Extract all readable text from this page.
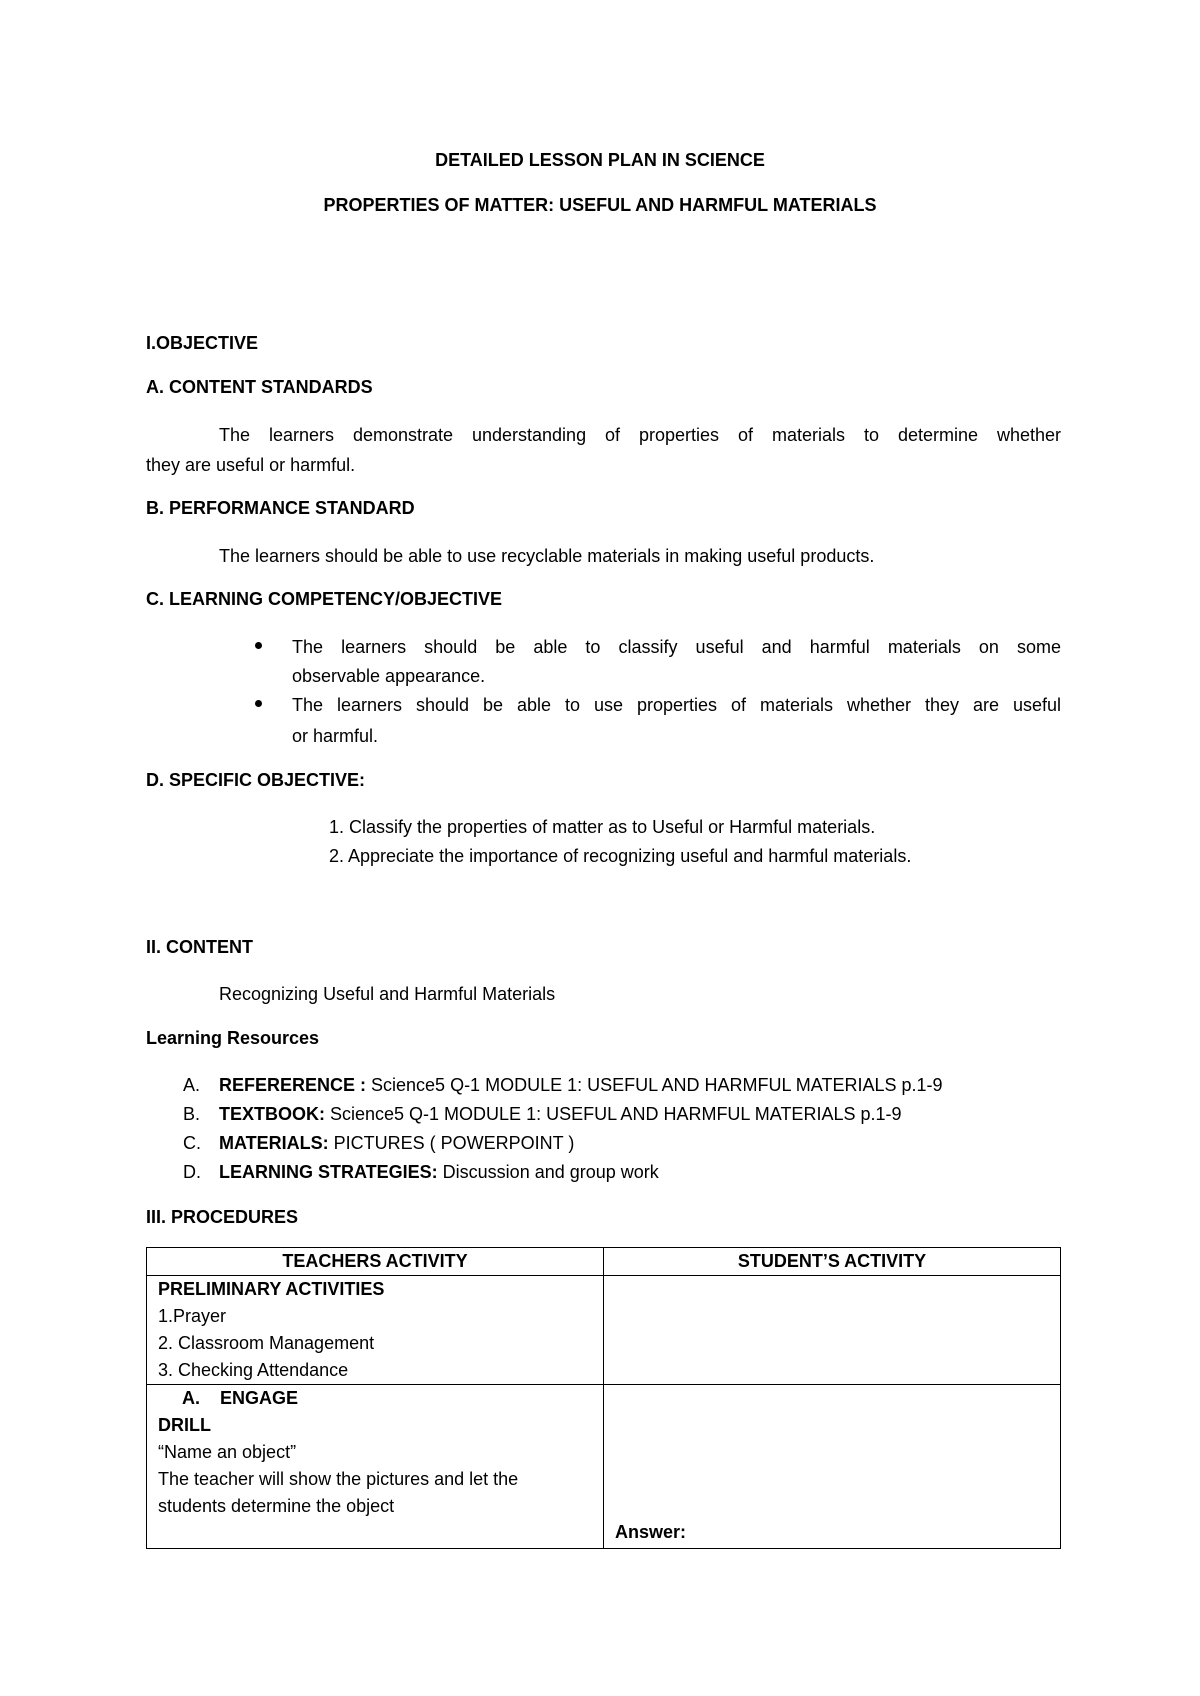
DETAILED LESSON PLAN IN SCIENCE
PROPERTIES OF MATTER: USEFUL AND HARMFUL MATERIALS
I.OBJECTIVE
A. CONTENT STANDARDS
The learners demonstrate understanding of properties of materials to determine whether
they are useful or harmful.
B. PERFORMANCE STANDARD
The learners should be able to use recyclable materials in making useful products.
C. LEARNING COMPETENCY/OBJECTIVE
The learners should be able to classify useful and harmful materials on some
observable appearance.
The learners should be able to use properties of materials whether they are useful
or harmful.
D. SPECIFIC OBJECTIVE:
1. Classify the properties of matter as to Useful or Harmful materials.
2. Appreciate the importance of recognizing useful and harmful materials.
II. CONTENT
Recognizing Useful and Harmful Materials
Learning Resources
A. REFERERENCE : Science5 Q-1 MODULE 1: USEFUL AND HARMFUL MATERIALS p.1-9
B. TEXTBOOK: Science5 Q-1 MODULE 1: USEFUL AND HARMFUL MATERIALS p.1-9
C. MATERIALS: PICTURES ( POWERPOINT )
D. LEARNING STRATEGIES: Discussion and group work
III. PROCEDURES
TEACHERS ACTIVITY	STUDENT’S ACTIVITY

PRELIMINARY ACTIVITIES
1.Prayer
2. Classroom Management
3. Checking Attendance	

A.    ENGAGE
DRILL
“Name an object”
The teacher will show the pictures and let the
students determine the object	Answer:
